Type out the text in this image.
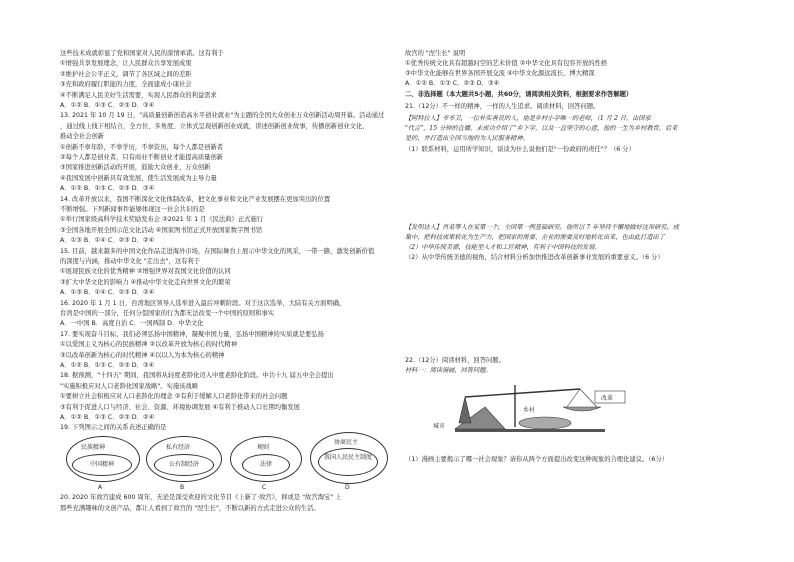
这些技术成就彰显了党和国家对人民的深情承诺。这有利于
①增强共享发展理念，让人民群众共享发展成果
②维护社会公平正义，调节了各区域之间的差距
③充和政府履行职能的力度，全面建成小康社会
④不断满足人民美好生活需要，实现人民群众的利益需求
A．①② B．①③ C．②③ D．③④
13. 2021 年 10 月 19 日，"高质量创新创造高水平创业就业"为主题的全国大众创业万众创新活动周开幕。活动通过
，通过线上线下相结合，全方位、多角度、立体式呈现创新创业成就，讲述创新创业故事，传播创新创业文化，
推动全社会创新
①创新不辜年龄，不辜学历，不辜资历，每个人都是创新者
②每个人都是创业者，只有商业不断创业才能提高质量创新
③国家推进创新活动的开展，鼓励大众创业、万众创新
④我国发展中创新具有效发展，使生活发展成为主导力量
A．①② B．①③ C．②③ D．③④
14. 改革开放以来，我国不断深化文化体制改革，把文化事业和文化产业发展摆在更加突出的位置
不断增强。下列新闻事件能够体现这一社会共识的是
①举行国家级高科学技术奖励发布会 ②2021 年 1 月《民法典》正式施行
③全国各地开展全国示范文化活动 ④国家图书馆正式开放国家数字图书馆
A．①③ B．①④ C．②③ D．②④
15. 目前，越来越多的中国文化作品走进海外市场，在国际舞台上展示中华文化的风采，一带一路，激发创新价值
的深度与内涵，推动中华文化 "走出去"，这有利于
①展现民族文化的优秀精神 ②增强世界对我国文化价值的认同
③扩大中华文化的影响力 ④推动中华文化走向世界文化的繁荣
A．①③ B．①④ C．②③ D．②④
16. 2020 年 1 月 1 日，台湾地区领导人选举进入最后冲刺阶段。对于这次选举，大陆有关方面明确，
台湾是中国的一部分，任何分裂国家的行为都无法改变一个中国的原则和事实
A．一中国 B．高度自治 C．一国两制 D．中华文化
17. 要实现奋斗目标，我们必须弘扬中国精神，凝聚中国力量，弘扬中国精神的实质就是要弘扬
①以爱国主义为核心的民族精神 ②以改革开放为核心的时代精神
③以改革创新为核心的时代精神 ④以以人为本为核心的精神
A．①② B．①③ C．②③ D．③④
18. 据预测，"十四五" 期间，我国将从轻度老龄化迈入中度老龄化阶段。中共十九 届五中全会提出
"实施积极应对人口老龄化国家战略"。实施该战略
①要树立社会积极应对人口老龄化的理念 ②有利于缓解人口老龄化带来的社会问题
③有利于促进人口与经济、社会、资源、环境协调发展 ④有利于推动人口长期均衡发展
A．①② B．①③ C．②③ D．②④
19. 下列图示之间的关系表述正确的是
民族精神
中国精神
A
私有经济
公有制经济
B
规则
法律
C
协商民主
我国人民民主制度
D
20. 2020 年故宫建成 600 周年，无论是深受欢迎的文化节目《上新了·故宫》，抑或是 "故宫淘宝" 上
那些充满趣味的文创产品，都让人看到了故宫的 "涅生长"，不断以新的方式走进公众的生活。
故宫的 "涅生长" 说明
①优秀传统文化具有超越时空的艺术价值 ②中华文化具有包容开放的性格
③中华文化能够在世界各国开展交流 ④中华文化源远流长，博大精深
A．①② B．①③ C．②③ D．③④
二、非选择题（本大题共5小题，共60分，请阅读相关资料，根据要求作答解题）
21.（12分）不一样的精神，一样的人生追求。阅读材料，回答问题。
【阿特拉人】爷爷卫，一位朴实善良的人，他是乡村小学唯一的老师，（1 月 2 日，由国家
"代言"，15 分钟的直播，未成功介绍了“乡下学，以及一直坚守的心意，他的一生为乡村教育，后来
是的，并打造出全国当地的为人民服务精神。
【发明达人】肖某等人在某第一个，全国第一例基础研究。他所以 7 年坚持不懈地做好这项研究，成
集中，把科技成果转化为生产力，把国家的需要、企业的需要及时地转化出来，也由此打造出了
（2）中华传统美德，技能型人才和工匠精神，有利于中国科技的发展。
（1）联系材料，运用所学知识，谈谈为什么说他们是"一份政府的责任"？（6 分）
（2）从中华传统美德的视角，结合材料分析加快推进改革创新事业发展的重要意义。（6 分）
22.（12分）阅读材料，回答问题。
材料一：阅读漫画，回答问题。
（1）漫画主要揭示了哪一社会现象？请你从两个方面提出改变这种现象的合理化建议。（6分）
城市
乡村
改革
